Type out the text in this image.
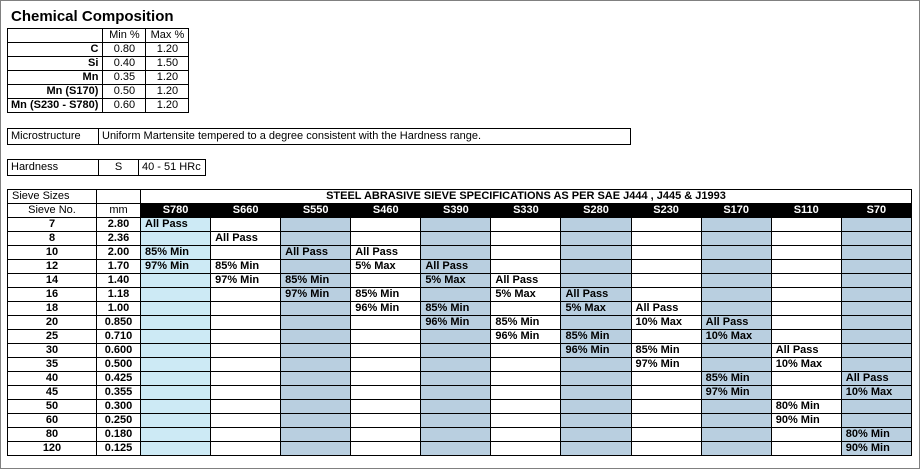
Chemical Composition
	Min %	Max %
C	0.80	1.20
Si	0.40	1.50
Mn	0.35	1.20
Mn (S170)	0.50	1.20
Mn (S230 - S780)	0.60	1.20
Microstructure	Uniform Martensite tempered to a degree consistent with the Hardness range.
Hardness	S	40 - 51 HRc
Sieve Sizes		STEEL ABRASIVE SIEVE SPECIFICATIONS AS PER SAE J444 , J445 & J1993										
Sieve No.	mm	S780	S660	S550	S460	S390	S330	S280	S230	S170	S110	S70
7	2.80	All Pass										
8	2.36		All Pass									
10	2.00	85% Min		All Pass	All Pass							
12	1.70	97% Min	85% Min		5% Max	All Pass						
14	1.40		97% Min	85% Min		5% Max	All Pass					
16	1.18			97% Min	85% Min		5% Max	All Pass				
18	1.00				96% Min	85% Min		5% Max	All Pass			
20	0.850					96% Min	85% Min		10% Max	All Pass		
25	0.710						96% Min	85% Min		10% Max		
30	0.600							96% Min	85% Min		All Pass	
35	0.500								97% Min		10% Max	
40	0.425									85% Min		All Pass
45	0.355									97% Min		10% Max
50	0.300										80% Min	
60	0.250										90% Min	
80	0.180											80% Min
120	0.125											90% Min
